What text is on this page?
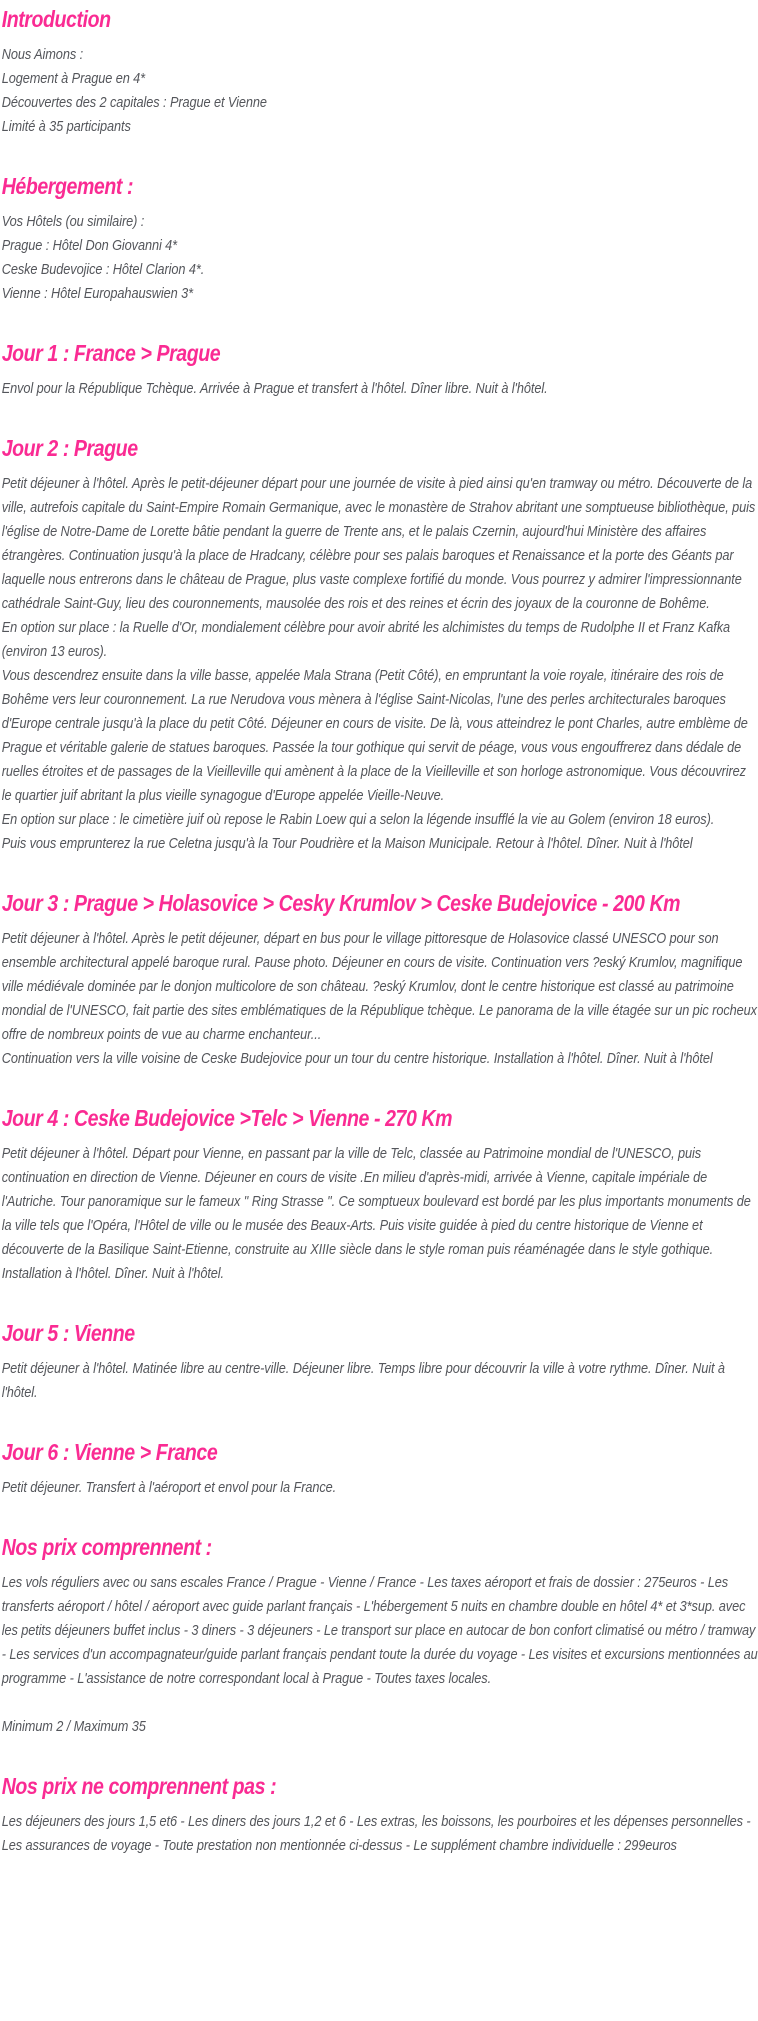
Introduction

Nous Aimons :

Logement à Prague en 4*

Découvertes des 2 capitales : Prague et Vienne

Limité à 35 participants

Hébergement :

Vos Hôtels (ou similaire) :

Prague : Hôtel Don Giovanni 4*

Ceske Budevojice : Hôtel Clarion 4*.

Vienne : Hôtel Europahauswien 3*

Jour 1 : France > Prague

Envol pour la République Tchèque. Arrivée à Prague et transfert à l'hôtel. Dîner libre. Nuit à l'hôtel.

Jour 2 : Prague

Petit déjeuner à l'hôtel. Après le petit-déjeuner départ pour une journée de visite à pied ainsi qu'en tramway ou métro. Découverte de la ville, autrefois capitale du Saint-Empire Romain Germanique, avec le monastère de Strahov abritant une somptueuse bibliothèque, puis l'église de Notre-Dame de Lorette bâtie pendant la guerre de Trente ans, et le palais Czernin, aujourd'hui Ministère des affaires étrangères. Continuation jusqu'à la place de Hradcany, célèbre pour ses palais baroques et Renaissance et la porte des Géants par laquelle nous entrerons dans le château de Prague, plus vaste complexe fortifié du monde. Vous pourrez y admirer l'impressionnante cathédrale Saint-Guy, lieu des couronnements, mausolée des rois et des reines et écrin des joyaux de la couronne de Bohême.

En option sur place : la Ruelle d'Or, mondialement célèbre pour avoir abrité les alchimistes du temps de Rudolphe II et Franz Kafka (environ 13 euros).

Vous descendrez ensuite dans la ville basse, appelée Mala Strana (Petit Côté), en empruntant la voie royale, itinéraire des rois de Bohême vers leur couronnement. La rue Nerudova vous mènera à l'église Saint-Nicolas, l'une des perles architecturales baroques d'Europe centrale jusqu'à la place du petit Côté. Déjeuner en cours de visite. De là, vous atteindrez le pont Charles, autre emblème de Prague et véritable galerie de statues baroques. Passée la tour gothique qui servit de péage, vous vous engouffrerez dans dédale de ruelles étroites et de passages de la Vieilleville qui amènent à la place de la Vieilleville et son horloge astronomique. Vous découvrirez le quartier juif abritant la plus vieille synagogue d'Europe appelée Vieille-Neuve.

En option sur place : le cimetière juif où repose le Rabin Loew qui a selon la légende insufflé la vie au Golem (environ 18 euros).

Puis vous emprunterez la rue Celetna jusqu'à la Tour Poudrière et la Maison Municipale. Retour à l'hôtel. Dîner. Nuit à l'hôtel

Jour 3 : Prague > Holasovice > Cesky Krumlov > Ceske Budejovice - 200 Km

Petit déjeuner à l'hôtel. Après le petit déjeuner, départ en bus pour le village pittoresque de Holasovice classé UNESCO pour son ensemble architectural appelé baroque rural. Pause photo. Déjeuner en cours de visite. Continuation vers ?eský Krumlov, magnifique ville médiévale dominée par le donjon multicolore de son château. ?eský Krumlov, dont le centre historique est classé au patrimoine mondial de l'UNESCO, fait partie des sites emblématiques de la République tchèque. Le panorama de la ville étagée sur un pic rocheux offre de nombreux points de vue au charme enchanteur...

Continuation vers la ville voisine de Ceske Budejovice pour un tour du centre historique. Installation à l'hôtel. Dîner. Nuit à l'hôtel

Jour 4 : Ceske Budejovice >Telc > Vienne - 270 Km

Petit déjeuner à l'hôtel. Départ pour Vienne, en passant par la ville de Telc, classée au Patrimoine mondial de l'UNESCO, puis continuation en direction de Vienne. Déjeuner en cours de visite .En milieu d'après-midi, arrivée à Vienne, capitale impériale de l'Autriche. Tour panoramique sur le fameux " Ring Strasse ". Ce somptueux boulevard est bordé par les plus importants monuments de la ville tels que l'Opéra, l'Hôtel de ville ou le musée des Beaux-Arts. Puis visite guidée à pied du centre historique de Vienne et découverte de la Basilique Saint-Etienne, construite au XIIIe siècle dans le style roman puis réaménagée dans le style gothique. Installation à l'hôtel. Dîner. Nuit à l'hôtel.

Jour 5 : Vienne

Petit déjeuner à l'hôtel. Matinée libre au centre-ville. Déjeuner libre. Temps libre pour découvrir la ville à votre rythme. Dîner. Nuit à l'hôtel.

Jour 6 : Vienne > France

Petit déjeuner. Transfert à l'aéroport et envol pour la France.

Nos prix comprennent :

Les vols réguliers avec ou sans escales France / Prague - Vienne / France - Les taxes aéroport et frais de dossier : 275euros - Les transferts aéroport / hôtel / aéroport avec guide parlant français - L'hébergement 5 nuits en chambre double en hôtel 4* et 3*sup. avec les petits déjeuners buffet inclus - 3 diners - 3 déjeuners - Le transport sur place en autocar de bon confort climatisé ou métro / tramway - Les services d'un accompagnateur/guide parlant français pendant toute la durée du voyage - Les visites et excursions mentionnées au programme - L'assistance de notre correspondant local à Prague - Toutes taxes locales.

Minimum 2 / Maximum 35

Nos prix ne comprennent pas :

Les déjeuners des jours 1,5 et6 - Les diners des jours 1,2 et 6 - Les extras, les boissons, les pourboires et les dépenses personnelles - Les assurances de voyage - Toute prestation non mentionnée ci-dessus - Le supplément chambre individuelle : 299euros
